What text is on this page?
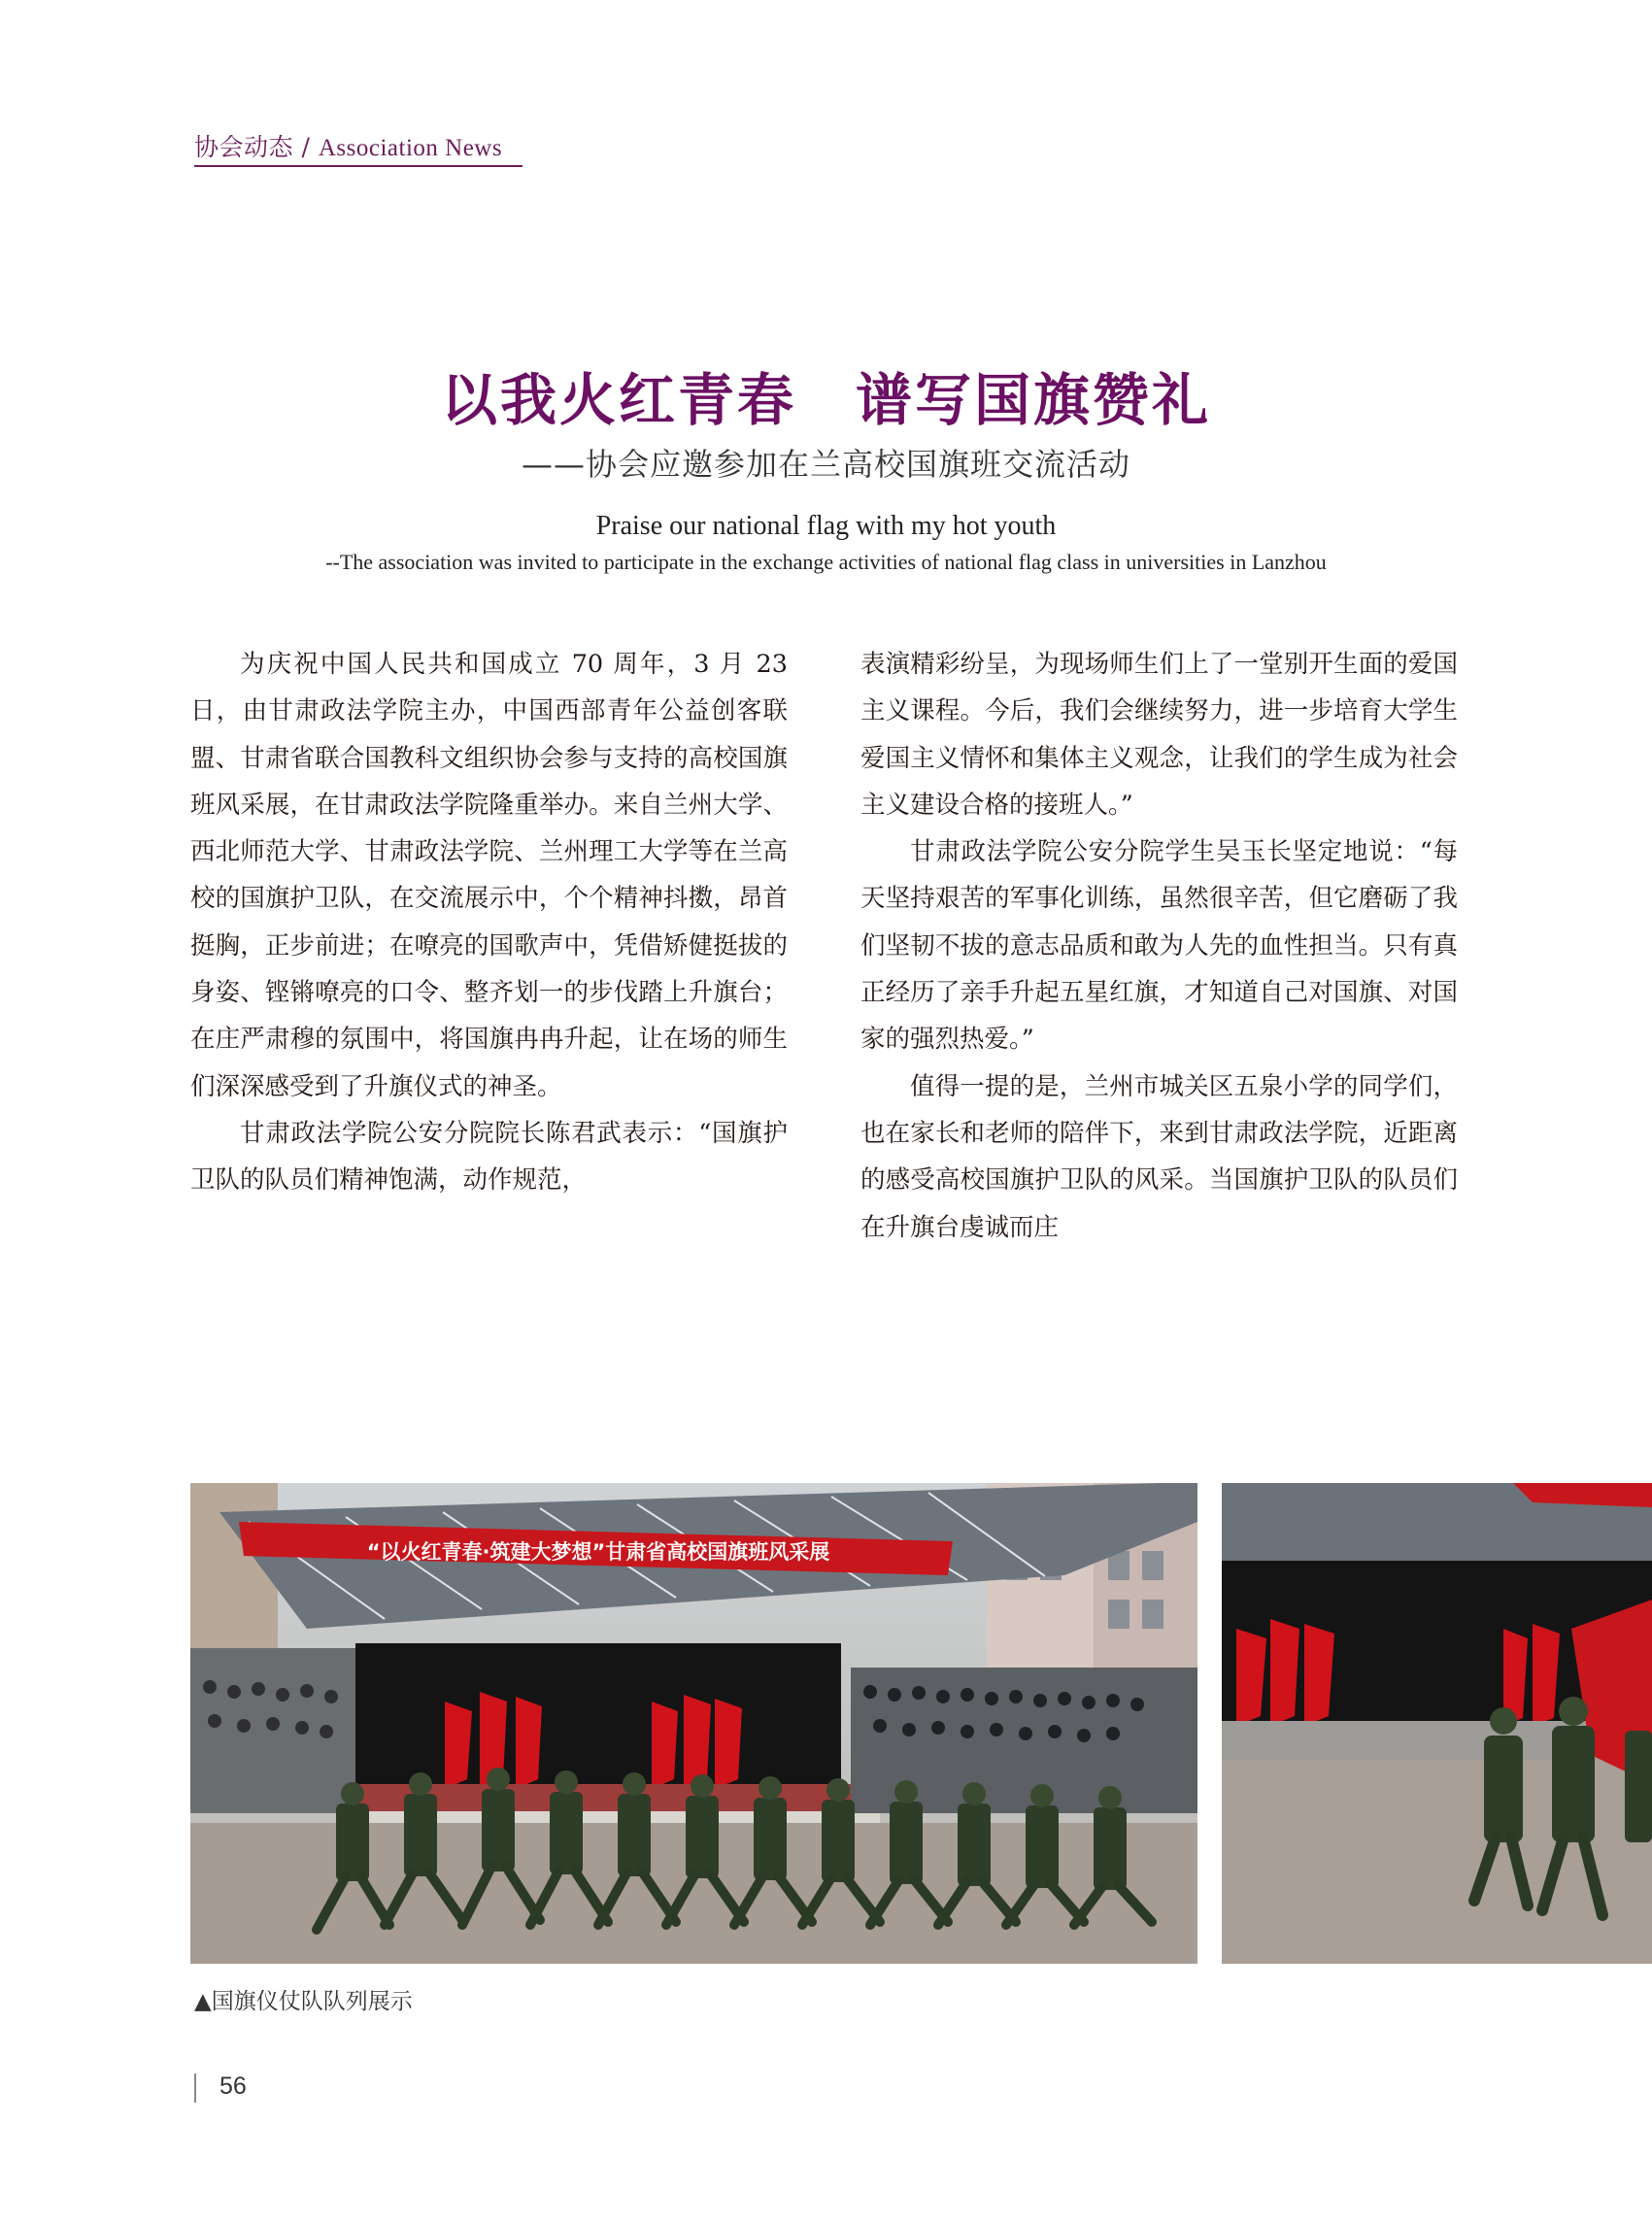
协会动态 / Association News
以我火红青春　谱写国旗赞礼
——协会应邀参加在兰高校国旗班交流活动
Praise our national flag with my hot youth
--The association was invited to participate in the exchange activities of national flag class in universities in Lanzhou

为庆祝中国人民共和国成立 70 周年，3 月 23 日，由甘肃政法学院主办，中国西部青年公益创客联盟、甘肃省联合国教科文组织协会参与支持的高校国旗班风采展，在甘肃政法学院隆重举办。来自兰州大学、西北师范大学、甘肃政法学院、兰州理工大学等在兰高校的国旗护卫队，在交流展示中，个个精神抖擞，昂首挺胸，正步前进；在嘹亮的国歌声中，凭借矫健挺拔的身姿、铿锵嘹亮的口令、整齐划一的步伐踏上升旗台；在庄严肃穆的氛围中，将国旗冉冉升起，让在场的师生们深深感受到了升旗仪式的神圣。

甘肃政法学院公安分院院长陈君武表示：“国旗护卫队的队员们精神饱满，动作规范，

表演精彩纷呈，为现场师生们上了一堂别开生面的爱国主义课程。今后，我们会继续努力，进一步培育大学生爱国主义情怀和集体主义观念，让我们的学生成为社会主义建设合格的接班人。”

甘肃政法学院公安分院学生吴玉长坚定地说：“每天坚持艰苦的军事化训练，虽然很辛苦，但它磨砺了我们坚韧不拔的意志品质和敢为人先的血性担当。只有真正经历了亲手升起五星红旗，才知道自己对国旗、对国家的强烈热爱。”

值得一提的是，兰州市城关区五泉小学的同学们，也在家长和老师的陪伴下，来到甘肃政法学院，近距离的感受高校国旗护卫队的风采。当国旗护卫队的队员们在升旗台虔诚而庄

“以火红青春·筑建大梦想”甘肃省高校国旗班风采展
▲国旗仪仗队队列展示
56
